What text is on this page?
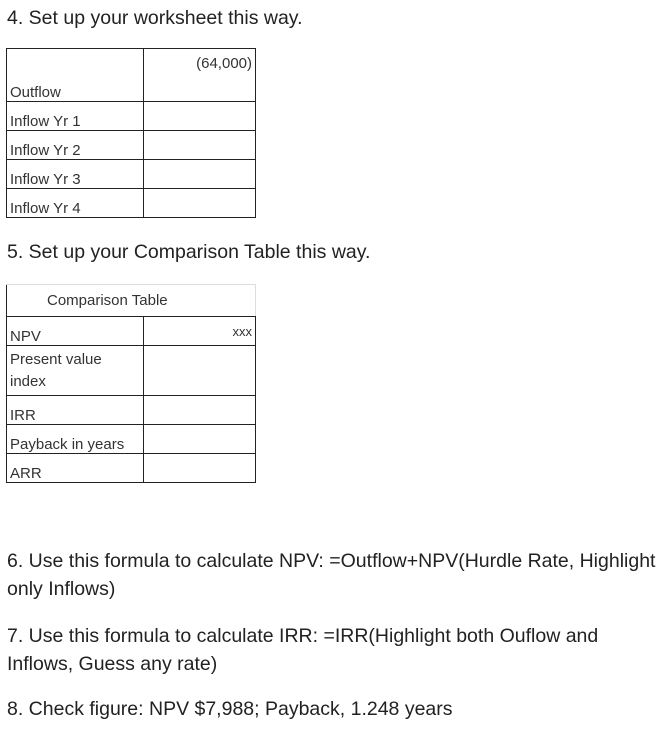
4. Set up your worksheet this way.

Outflow	(64,000)
Inflow Yr 1	
Inflow Yr 2	
Inflow Yr 3	
Inflow Yr 4	

5. Set up your Comparison Table this way.

Comparison Table	
NPV	xxx
Present value index	
IRR	
Payback in years	
ARR	

6. Use this formula to calculate NPV: =Outflow+NPV(Hurdle Rate, Highlight only Inflows)

7. Use this formula to calculate IRR: =IRR(Highlight both Ouflow and Inflows, Guess any rate)

8. Check figure: NPV $7,988; Payback, 1.248 years
